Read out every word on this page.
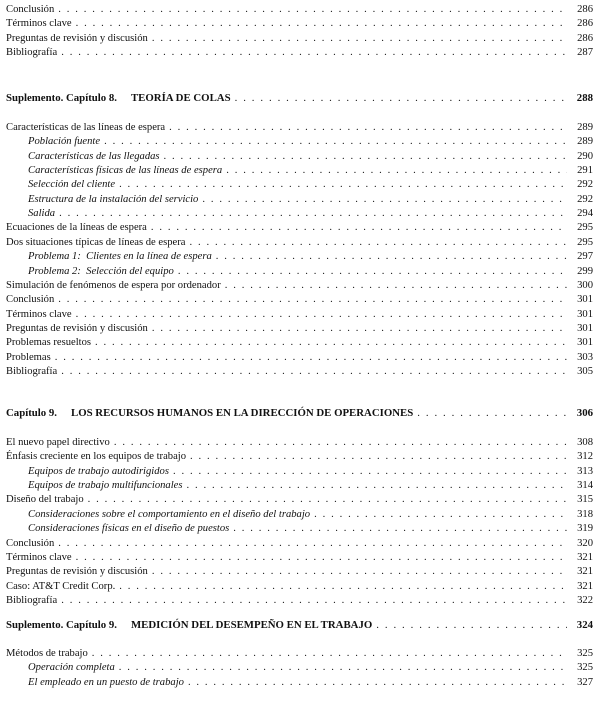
Conclusión . . .	286
Términos clave . . .	286
Preguntas de revisión y discusión . . .	286
Bibliografía . . .	287
Suplemento. Capítulo 8. TEORÍA DE COLAS . . .	288
Características de las líneas de espera . . .	289
Población fuente . . .	289
Características de las llegadas . . .	290
Características físicas de las líneas de espera . . .	291
Selección del cliente . . .	292
Estructura de la instalación del servicio . . .	292
Salida . . .	294
Ecuaciones de la líneas de espera . . .	295
Dos situaciones típicas de líneas de espera . . .	295
Problema 1:  Clientes en la línea de espera . . .	297
Problema 2:  Selección del equipo . . .	299
Simulación de fenómenos de espera por ordenador . . .	300
Conclusión . . .	301
Términos clave . . .	301
Preguntas de revisión y discusión . . .	301
Problemas resueltos . . .	301
Problemas . . .	303
Bibliografía . . .	305
Capítulo 9. LOS RECURSOS HUMANOS EN LA DIRECCIÓN DE OPERACIONES . . .	306
El nuevo papel directivo . . .	308
Énfasis creciente en los equipos de trabajo . . .	312
Equipos de trabajo autodirigidos . . .	313
Equipos de trabajo multifuncionales . . .	314
Diseño del trabajo . . .	315
Consideraciones sobre el comportamiento en el diseño del trabajo . . .	318
Consideraciones físicas en el diseño de puestos . . .	319
Conclusión . . .	320
Términos clave . . .	321
Preguntas de revisión y discusión . . .	321
Caso: AT&T Credit Corp. . . .	321
Bibliografía . . .	322
Suplemento. Capítulo 9. MEDICIÓN DEL DESEMPEÑO EN EL TRABAJO . . .	324
Métodos de trabajo . . .	325
Operación completa . . .	325
El empleado en un puesto de trabajo . . .	327
